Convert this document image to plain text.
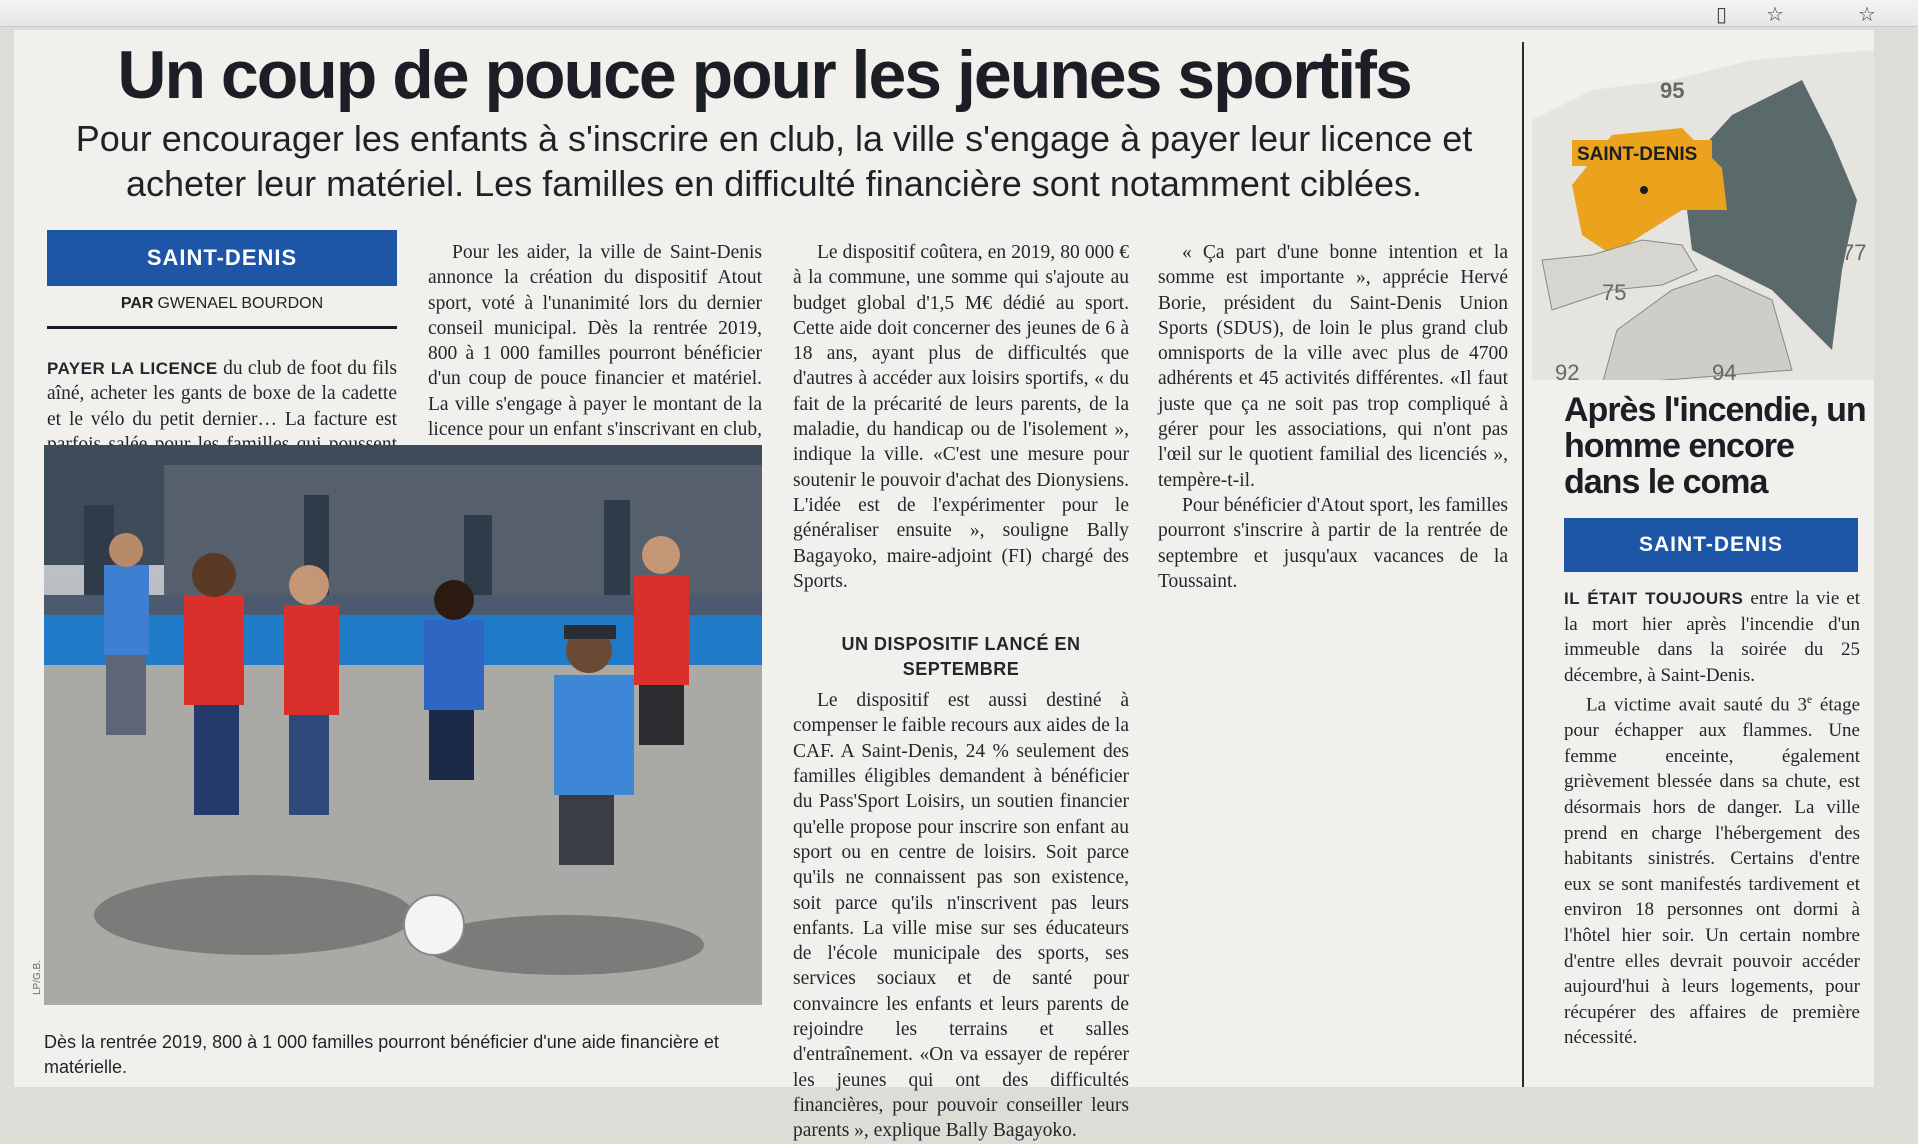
▯ ☆	☆
Un coup de pouce pour les jeunes sportifs

Pour encourager les enfants à s'inscrire en club, la ville s'engage à payer leur licence et acheter leur matériel. Les familles en difficulté financière sont notamment ciblées.

SAINT-DENIS
PAR GWENAEL BOURDON

PAYER LA LICENCE du club de foot du fils aîné, acheter les gants de boxe de la cadette et le vélo du petit dernier… La facture est

Pour les aider, la ville de Saint-Denis annonce la création du dispositif Atout sport, voté à l'unanimité lors du dernier conseil municipal. Dès la rentrée 2019, 800 à 1 000 familles pourront bénéficier d'un coup de pouce financier et matériel. La ville s'engage à payer le montant de la licence pour un enfant s'inscrivant en club,

Le dispositif coûtera, en 2019, 80 000 € à la commune, une somme qui s'ajoute au budget global d'1,5 M€ dédié au sport. Cette aide doit concerner des jeunes de 6 à 18 ans, ayant plus de difficultés que d'autres à accéder aux loisirs sportifs, « du fait de la précarité de leurs parents, de la maladie, du handicap ou de l'isolement », indique la ville. «C'est une mesure pour soutenir le pouvoir d'achat des Dionysiens. L'idée est de l'expérimenter pour le généraliser ensuite », souligne Bally Bagayoko, maire-adjoint (FI) chargé des Sports.

UN DISPOSITIF LANCÉ EN SEPTEMBRE

Le dispositif est aussi destiné à compenser le faible recours aux aides de la CAF. A Saint-Denis, 24 % seulement des familles éligibles demandent à bénéficier du Pass'Sport Loisirs, un soutien financier qu'elle propose pour inscrire son enfant au sport ou en centre de loisirs. Soit parce qu'ils ne connaissent pas son existence, soit parce qu'ils n'inscrivent pas leurs enfants. La ville mise sur ses éducateurs de l'école municipale des sports, ses services sociaux et de santé pour convaincre les enfants et leurs parents de rejoindre les terrains et salles d'entraînement. «On va essayer de repérer les jeunes qui ont des difficultés financières, pour pouvoir conseiller leurs parents », explique Bally Bagayoko.

« Ça part d'une bonne intention et la somme est importante », apprécie Hervé Borie, président du Saint-Denis Union Sports (SDUS), de loin le plus grand club omnisports de la ville avec plus de 4700 adhérents et 45 activités différentes. «Il faut juste que ça ne soit pas trop compliqué à gérer pour les associations, qui n'ont pas l'œil sur le quotient familial des licenciés », tempère-t-il.

Pour bénéficier d'Atout sport, les familles pourront s'inscrire à partir de la rentrée de septembre et jusqu'aux vacances de la Toussaint.

LP/G.B.
Dès la rentrée 2019, 800 à 1 000 familles pourront bénéficier d'une aide financière et matérielle.
95
77
75
92	94
SAINT-DENIS
Après l'incendie, un homme encore dans le coma
SAINT-DENIS

IL ÉTAIT TOUJOURS entre la vie et la mort hier après l'incendie d'un immeuble dans la soirée du 25 décembre, à Saint-Denis.

La victime avait sauté du 3e étage pour échapper aux flammes. Une femme enceinte, également grièvement blessée dans sa chute, est désormais hors de danger. La ville prend en charge l'hébergement des habitants sinistrés. Certains d'entre eux se sont manifestés tardivement et environ 18 personnes ont dormi à l'hôtel hier soir. Un certain nombre d'entre elles devrait pouvoir accéder aujourd'hui à leurs logements, pour récupérer des affaires de première nécessité.
